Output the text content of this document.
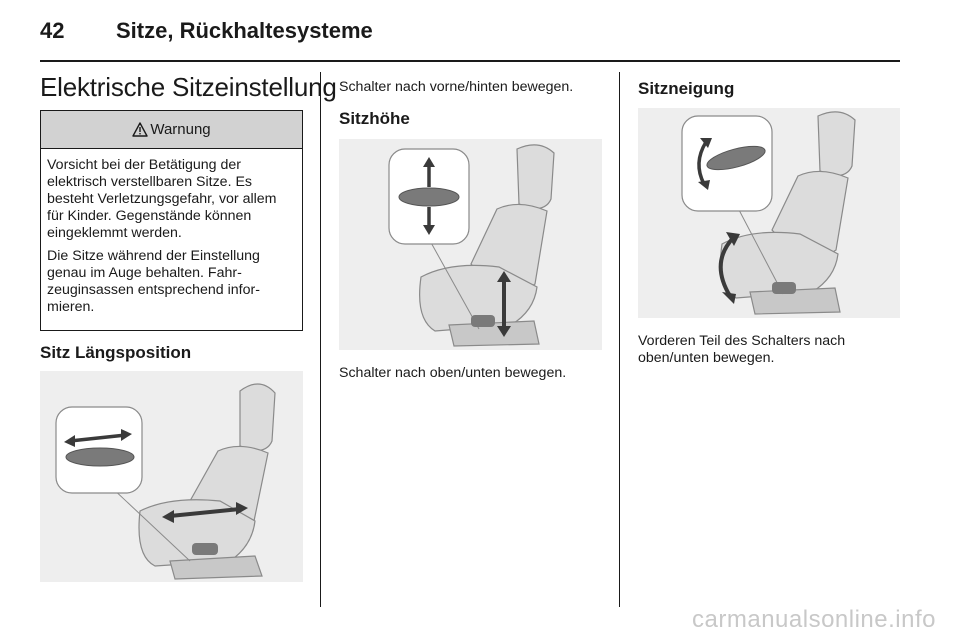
42 Sitze, Rückhaltesysteme
Elektrische Sitzeinstellung
Warnung

Vorsicht bei der Betätigung der elektrisch verstellbaren Sitze. Es besteht Verletzungsgefahr, vor allem für Kinder. Gegenstände können eingeklemmt werden.

Die Sitze während der Einstellung genau im Auge behalten. Fahrzeuginsassen entsprechend informieren.

Sitz Längsposition
Schalter nach vorne/hinten bewegen.
Sitzhöhe
Schalter nach oben/unten bewegen.
Sitzneigung
Vorderen Teil des Schalters nach oben/unten bewegen.
carmanualsonline.info
